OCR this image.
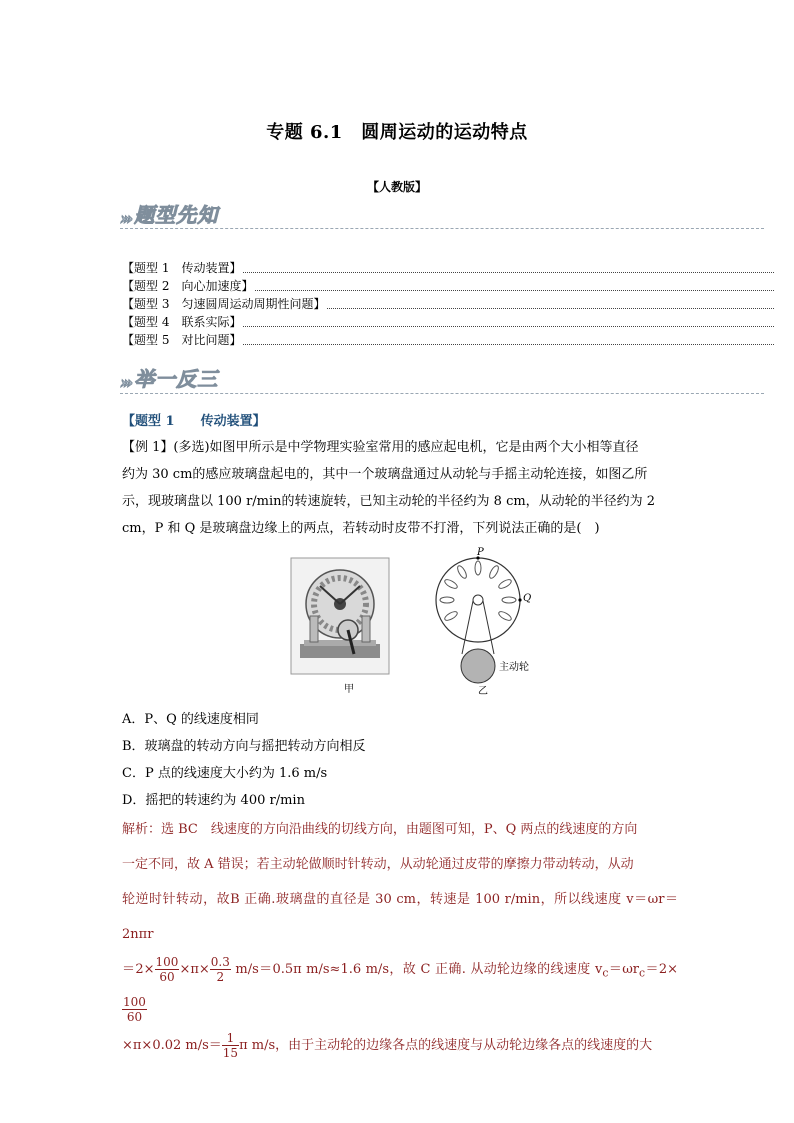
专题 6.1　圆周运动的运动特点
【人教版】
››› 题型先知
【题型 1　传动装置】
【题型 2　向心加速度】
【题型 3　匀速圆周运动周期性问题】
【题型 4　联系实际】
【题型 5　对比问题】
››› 举一反三
【题型 1　　传动装置】
【例 1】(多选)如图甲所示是中学物理实验室常用的感应起电机，它是由两个大小相等直径
约为 30 cm的感应玻璃盘起电的，其中一个玻璃盘通过从动轮与手摇主动轮连接，如图乙所
示，现玻璃盘以 100 r/min的转速旋转，已知主动轮的半径约为 8 cm，从动轮的半径约为 2
cm，P 和 Q 是玻璃盘边缘上的两点，若转动时皮带不打滑，下列说法正确的是(　)
P
Q
主动轮
甲	乙
A．P、Q 的线速度相同
B．玻璃盘的转动方向与摇把转动方向相反
C．P 点的线速度大小约为 1.6 m/s
D．摇把的转速约为 400 r/min
解析：选 BC　线速度的方向沿曲线的切线方向，由题图可知，P、Q 两点的线速度的方向
一定不同，故 A 错误；若主动轮做顺时针转动，从动轮通过皮带的摩擦力带动转动，从动
轮逆时针转动，故B 正确.玻璃盘的直径是 30 cm，转速是 100 r/min，所以线速度 v＝ωr＝2nπr
$=2\times \frac{100}{60} \times\pi\times \frac{0.3}{2} m/s=0.5\pi$ m/s≈1.6 m/s，故 C 正确. 从动轮边缘的线速度 $v_c=\omega r_c=2\times$
$\frac{100}{60}$
×π×0.02 $m/s= \frac{1}{15}$ π m/s，由于主动轮的边缘各点的线速度与从动轮边缘各点的线速度的大
